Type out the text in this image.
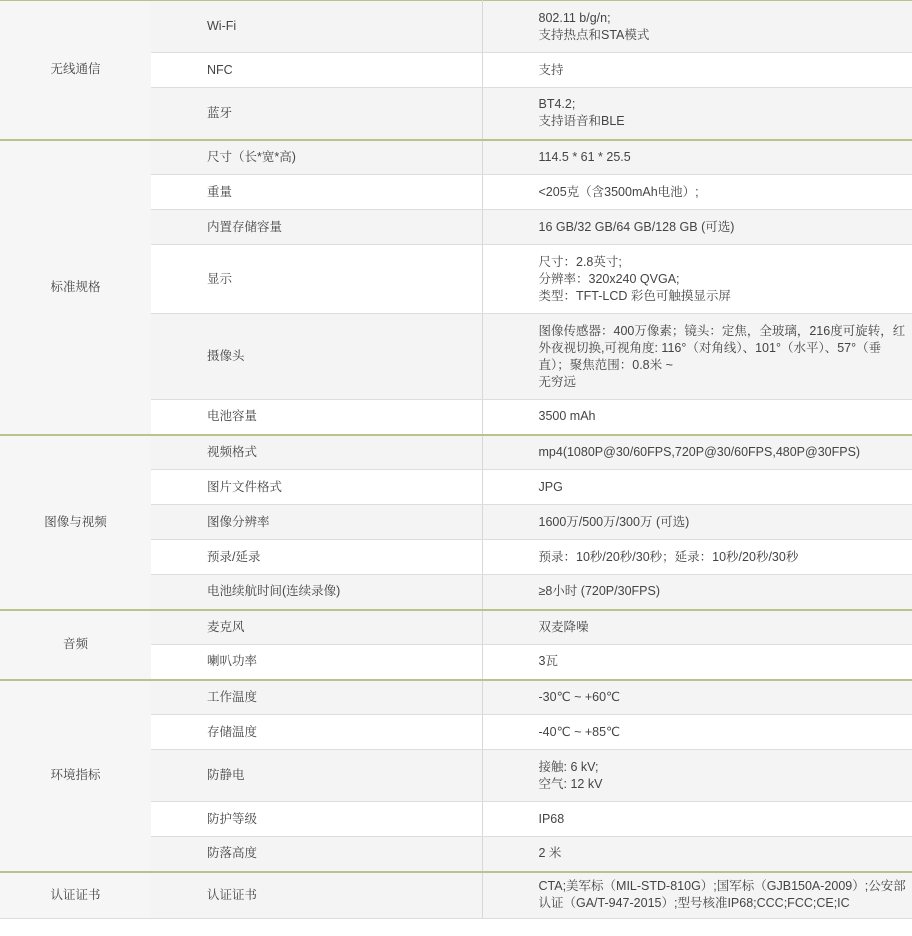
无线通信	Wi-Fi	802.11 b/g/n;
支持热点和STA模式

	NFC	支持

	蓝牙	BT4.2;
支持语音和BLE

标准规格	尺寸（长*宽*高)	114.5 * 61 * 25.5

	重量	<205克（含3500mAh电池）;

	内置存储容量	16 GB/32 GB/64 GB/128 GB (可选)

	显示	尺寸：2.8英寸;
分辨率：320x240 QVGA;
类型：TFT-LCD 彩色可触摸显示屏

	摄像头	图像传感器：400万像素；镜头：定焦，全玻璃，216度可旋转，红外夜视切换,可视角度: 116°（对角线）、101°（水平）、57°（垂直）；聚焦范围：0.8米 ~
无穷远

	电池容量	3500 mAh

图像与视频	视频格式	mp4(1080P@30/60FPS,720P@30/60FPS,480P@30FPS)

	图片文件格式	JPG

	图像分辨率	1600万/500万/300万 (可选)

	预录/延录	预录：10秒/20秒/30秒；延录：10秒/20秒/30秒

	电池续航时间(连续录像)	≥8小时 (720P/30FPS)

音频	麦克风	双麦降噪

	喇叭功率	3瓦

环境指标	工作温度	-30℃ ~ +60℃

	存储温度	-40℃ ~ +85℃

	防静电	接触: 6 kV;
空气: 12 kV

	防护等级	IP68

	防落高度	2 米

认证证书	认证证书	CTA;美军标（MIL-STD-810G）;国军标（GJB150A-2009）;公安部认证（GA/T-947-2015）;型号核准IP68;CCC;FCC;CE;IC
